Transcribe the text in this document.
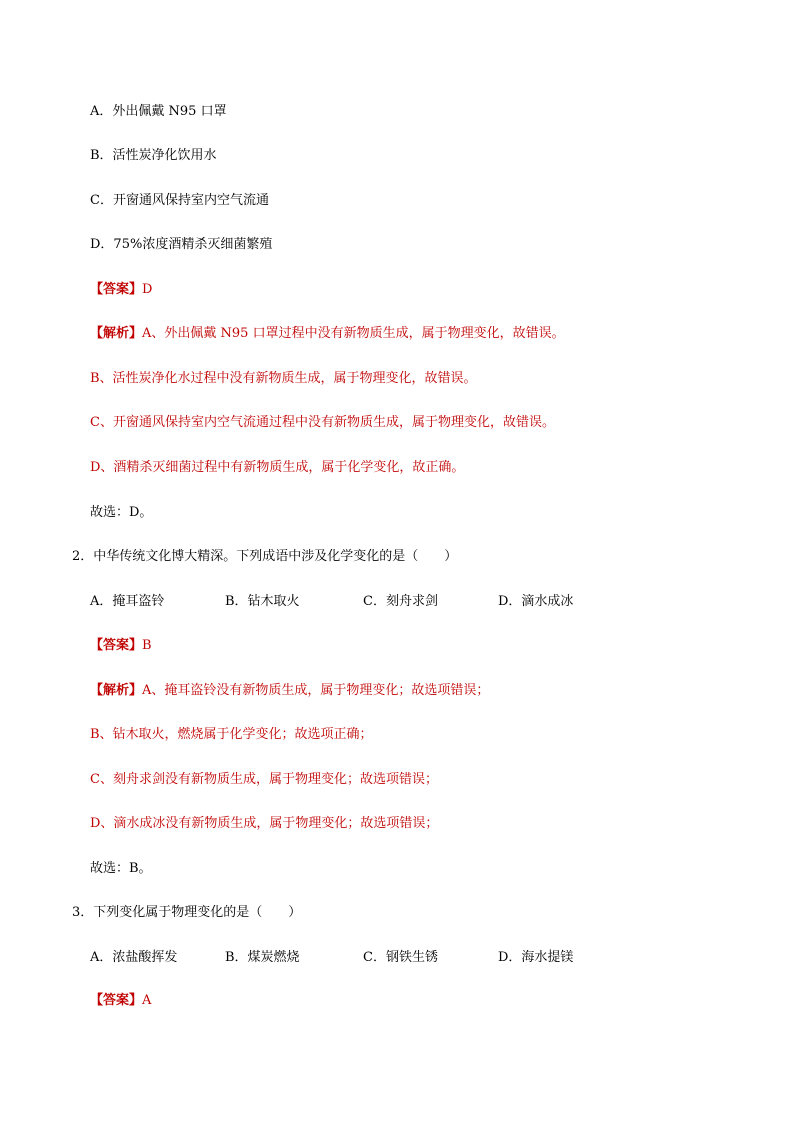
A．外出佩戴 N95 口罩
B．活性炭净化饮用水
C．开窗通风保持室内空气流通
D．75%浓度酒精杀灭细菌繁殖
【答案】D
【解析】A、外出佩戴 N95 口罩过程中没有新物质生成，属于物理变化，故错误。
B、活性炭净化水过程中没有新物质生成，属于物理变化，故错误。
C、开窗通风保持室内空气流通过程中没有新物质生成，属于物理变化，故错误。
D、酒精杀灭细菌过程中有新物质生成，属于化学变化，故正确。
故选：D。
2．中华传统文化博大精深。下列成语中涉及化学变化的是（　　）
A．掩耳盗铃	B．钻木取火	C．刻舟求剑	D．滴水成冰
【答案】B
【解析】A、掩耳盗铃没有新物质生成，属于物理变化；故选项错误；
B、钻木取火，燃烧属于化学变化；故选项正确；
C、刻舟求剑没有新物质生成，属于物理变化；故选项错误；
D、滴水成冰没有新物质生成，属于物理变化；故选项错误；
故选：B。
3．下列变化属于物理变化的是（　　）
A．浓盐酸挥发	B．煤炭燃烧	C．钢铁生锈	D．海水提镁
【答案】A
